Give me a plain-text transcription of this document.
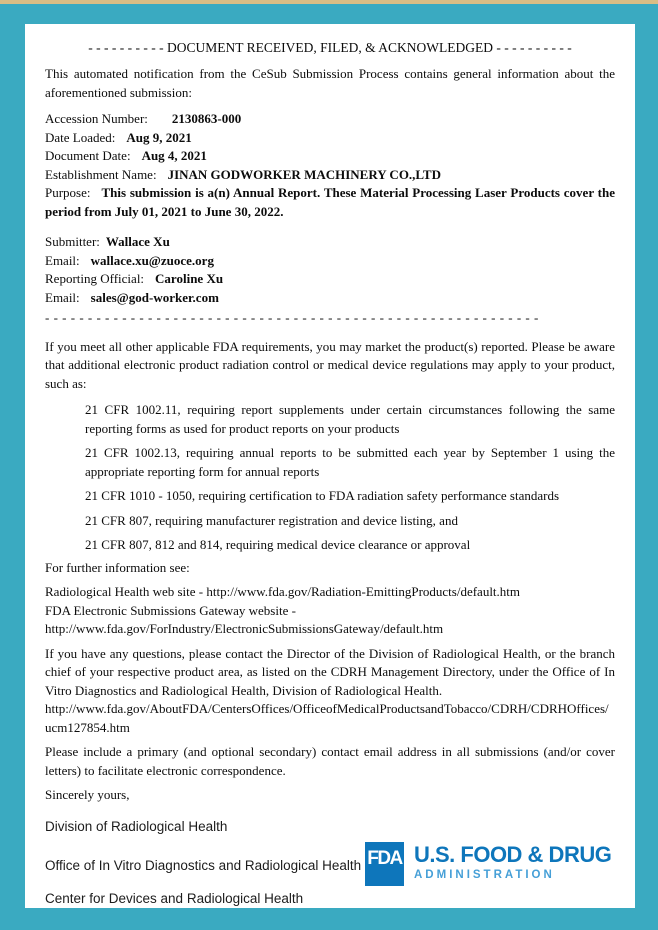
- - - - - - - - - - DOCUMENT RECEIVED, FILED, & ACKNOWLEDGED - - - - - - - - - -
This automated notification from the CeSub Submission Process contains general information about the aforementioned submission:
Accession Number: 2130863-000
Date Loaded: Aug 9, 2021
Document Date: Aug 4, 2021
Establishment Name: JINAN GODWORKER MACHINERY CO.,LTD
Purpose: This submission is a(n) Annual Report. These Material Processing Laser Products cover the period from July 01, 2021 to June 30, 2022.
Submitter: Wallace Xu
Email: wallace.xu@zuoce.org
Reporting Official: Caroline Xu
Email: sales@god-worker.com
- - - - - - - - - - - - - - - - - - - - - - - - - - - - - - - - - - - - - - - - - - - - - - - - - - - - - - - - - -
If you meet all other applicable FDA requirements, you may market the product(s) reported. Please be aware that additional electronic product radiation control or medical device regulations may apply to your product, such as:
21 CFR 1002.11, requiring report supplements under certain circumstances following the same reporting forms as used for product reports on your products
21 CFR 1002.13, requiring annual reports to be submitted each year by September 1 using the appropriate reporting form for annual reports
21 CFR 1010 - 1050, requiring certification to FDA radiation safety performance standards
21 CFR 807, requiring manufacturer registration and device listing, and
21 CFR 807, 812 and 814, requiring medical device clearance or approval
For further information see:
Radiological Health web site - http://www.fda.gov/Radiation-EmittingProducts/default.htm
FDA Electronic Submissions Gateway website -
http://www.fda.gov/ForIndustry/ElectronicSubmissionsGateway/default.htm
If you have any questions, please contact the Director of the Division of Radiological Health, or the branch chief of your respective product area, as listed on the CDRH Management Directory, under the Office of In Vitro Diagnostics and Radiological Health, Division of Radiological Health.
http://www.fda.gov/AboutFDA/CentersOffices/OfficeofMedicalProductsandTobacco/CDRH/CDRHOffices/ucm127854.htm
Please include a primary (and optional secondary) contact email address in all submissions (and/or cover letters) to facilitate electronic correspondence.
Sincerely yours,
Division of Radiological Health
Office of In Vitro Diagnostics and Radiological Health
Center for Devices and Radiological Health
FDA U.S. FOOD & DRUG
ADMINISTRATION
